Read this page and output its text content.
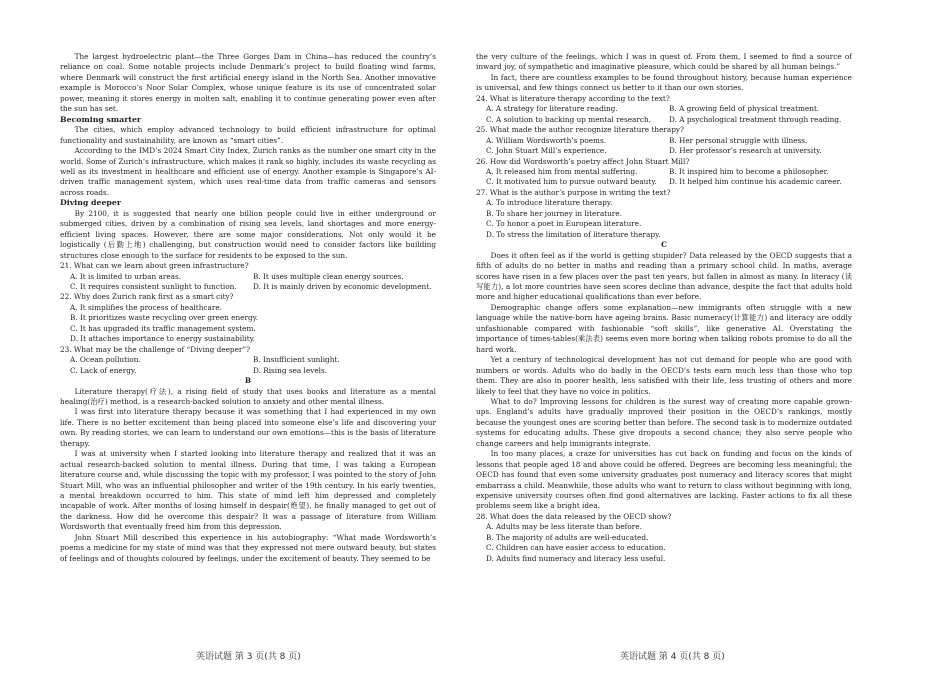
The largest hydroelectric plant—the Three Gorges Dam in China—has reduced the country’s reliance on coal. Some notable projects include Denmark’s project to build floating wind farms, where Denmark will construct the first artificial energy island in the North Sea. Another innovative example is Morocco’s Noor Solar Complex, whose unique feature is its use of concentrated solar power, meaning it stores energy in molten salt, enabling it to continue generating power even after the sun has set.

Becoming smarter

The cities, which employ advanced technology to build efficient infrastructure for optimal functionality and sustainability, are known as “smart cities”.

According to the IMD’s 2024 Smart City Index, Zurich ranks as the number one smart city in the world. Some of Zurich’s infrastructure, which makes it rank so highly, includes its waste recycling as well as its investment in healthcare and efficient use of energy. Another example is Singapore’s AI-driven traffic management system, which uses real-time data from traffic cameras and sensors across roads.

Diving deeper

By 2100, it is suggested that nearly one billion people could live in either underground or submerged cities, driven by a combination of rising sea levels, land shortages and more energy-efficient living spaces. However, there are some major considerations. Not only would it be logistically (后勤上地) challenging, but construction would need to consider factors like building structures close enough to the surface for residents to be exposed to the sun.

21. What can we learn about green infrastructure?

A. It is limited to urban areas.	B. It uses multiple clean energy sources.
C. It requires consistent sunlight to function.	D. It is mainly driven by economic development.

22. Why does Zurich rank first as a smart city?

A. It simplifies the process of healthcare.
B. It prioritizes waste recycling over green energy.
C. It has upgraded its traffic management system.
D. It attaches importance to energy sustainability.

23. What may be the challenge of “Diving deeper”?

A. Ocean pollution.	B. Insufficient sunlight.
C. Lack of energy.	D. Rising sea levels.

B

Literature therapy(疗法), a rising field of study that uses books and literature as a mental healing(治疗) method, is a research-backed solution to anxiety and other mental illness.

I was first into literature therapy because it was something that I had experienced in my own life. There is no better excitement than being placed into someone else’s life and discovering your own. By reading stories, we can learn to understand our own emotions—this is the basis of literature therapy.

I was at university when I started looking into literature therapy and realized that it was an actual research-backed solution to mental illness. During that time, I was taking a European literature course and, while discussing the topic with my professor, I was pointed to the story of John Stuart Mill, who was an influential philosopher and writer of the 19th century. In his early twenties, a mental breakdown occurred to him. This state of mind left him depressed and completely incapable of work. After months of losing himself in despair(绝望), he finally managed to get out of the darkness. How did he overcome this despair? It was a passage of literature from William Wordsworth that eventually freed him from this depression.

John Stuart Mill described this experience in his autobiography: “What made Wordsworth’s poems a medicine for my state of mind was that they expressed not mere outward beauty, but states of feelings and of thoughts coloured by feelings, under the excitement of beauty. They seemed to be

the very culture of the feelings, which I was in quest of. From them, I seemed to find a source of inward joy, of sympathetic and imaginative pleasure, which could be shared by all human beings.”

In fact, there are countless examples to be found throughout history, because human experience is universal, and few things connect us better to it than our own stories.

24. What is literature therapy according to the text?

A. A strategy for literature reading.	B. A growing field of physical treatment.
C. A solution to backing up mental research.	D. A psychological treatment through reading.

25. What made the author recognize literature therapy?

A. William Wordsworth’s poems.	B. Her personal struggle with illness.
C. John Stuart Mill’s experience.	D. Her professor’s research at university.

26. How did Wordsworth’s poetry affect John Stuart Mill?

A. It released him from mental suffering.	B. It inspired him to become a philosopher.
C. It motivated him to pursue outward beauty.	D. It helped him continue his academic career.

27. What is the author’s purpose in writing the text?

A. To introduce literature therapy.
B. To share her journey in literature.
C. To honor a poet in European literature.
D. To stress the limitation of literature therapy.

C

Does it often feel as if the world is getting stupider? Data released by the OECD suggests that a fifth of adults do no better in maths and reading than a primary school child. In maths, average scores have risen in a few places over the past ten years, but fallen in almost as many. In literacy (读写能力), a lot more countries have seen scores decline than advance, despite the fact that adults hold more and higher educational qualifications than ever before.

Demographic change offers some explanation—new immigrants often struggle with a new language while the native-born have ageing brains. Basic numeracy(计算能力) and literacy are oddly unfashionable compared with fashionable “soft skills”, like generative AI. Overstating the importance of times-tables(乘法表) seems even more boring when talking robots promise to do all the hard work.

Yet a century of technological development has not cut demand for people who are good with numbers or words. Adults who do badly in the OECD’s tests earn much less than those who top them. They are also in poorer health, less satisfied with their life, less trusting of others and more likely to feel that they have no voice in politics.

What to do? Improving lessons for children is the surest way of creating more capable grown-ups. England’s adults have gradually improved their position in the OECD’s rankings, mostly because the youngest ones are scoring better than before. The second task is to modernize outdated systems for educating adults. These give dropouts a second chance; they also serve people who change careers and help immigrants integrate.

In too many places, a craze for universities has cut back on funding and focus on the kinds of lessons that people aged 18 and above could be offered. Degrees are becoming less meaningful; the OECD has found that even some university graduates post numeracy and literacy scores that might embarrass a child. Meanwhile, those adults who want to return to class without beginning with long, expensive university courses often find good alternatives are lacking. Faster actions to fix all these problems seem like a bright idea.

28. What does the data released by the OECD show?

A. Adults may be less literate than before.
B. The majority of adults are well-educated.
C. Children can have easier access to education.
D. Adults find numeracy and literacy less useful.
英语试题 第 3 页(共 8 页)	英语试题 第 4 页(共 8 页)
